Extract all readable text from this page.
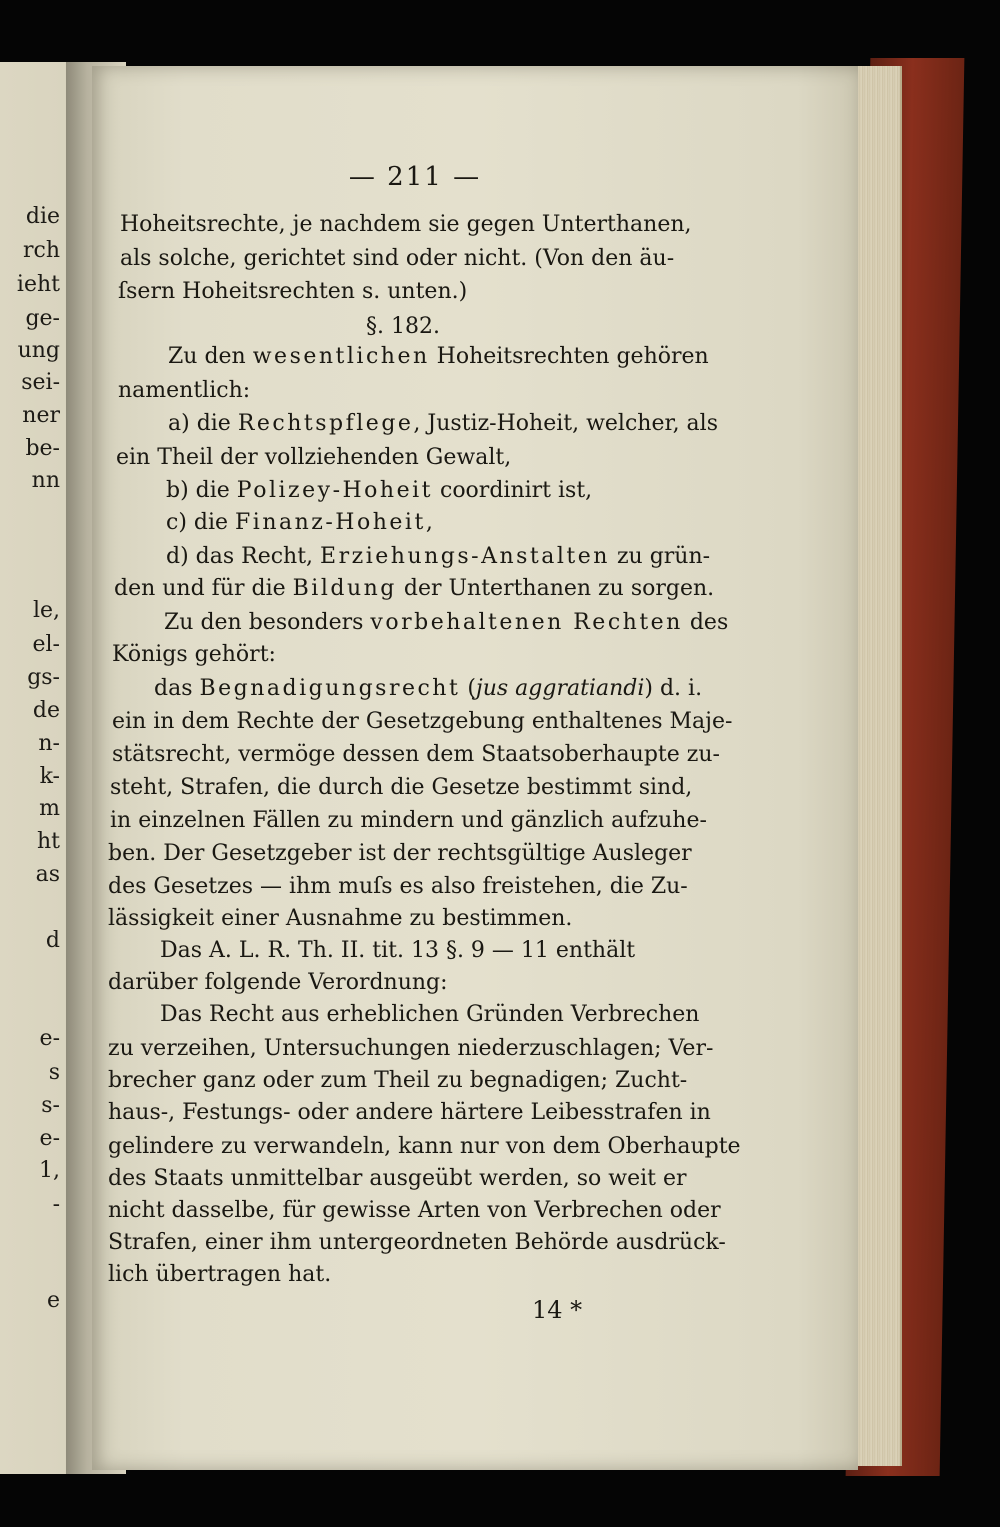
die
rch
ieht
ge-
ung
sei-
ner
be-
nn
le,
el-
gs-
de
n-
k-
m
ht
as
d
e-
s
s-
e-
1,
-
e
— 211 —
Hoheitsrechte, je nachdem sie gegen Unterthanen,
als solche, gerichtet sind oder nicht. (Von den äu-
ſsern Hoheitsrechten s. unten.)
§. 182.
Zu den wesentlichen Hoheitsrechten gehören
namentlich:
a) die Rechtspflege, Justiz-Hoheit, welcher, als
ein Theil der vollziehenden Gewalt,
b) die Polizey-Hoheit coordinirt ist,
c) die Finanz-Hoheit,
d) das Recht, Erziehungs-Anstalten zu grün-
den und für die Bildung der Unterthanen zu sorgen.
Zu den besonders vorbehaltenen Rechten des
Königs gehört:
das Begnadigungsrecht (jus aggratiandi) d. i.
ein in dem Rechte der Gesetzgebung enthaltenes Maje-
stätsrecht, vermöge dessen dem Staatsoberhaupte zu-
steht, Strafen, die durch die Gesetze bestimmt sind,
in einzelnen Fällen zu mindern und gänzlich aufzuhe-
ben. Der Gesetzgeber ist der rechtsgültige Ausleger
des Gesetzes — ihm muſs es also freistehen, die Zu-
lässigkeit einer Ausnahme zu bestimmen.
Das A. L. R. Th. II. tit. 13 §. 9 — 11 enthält
darüber folgende Verordnung:
Das Recht aus erheblichen Gründen Verbrechen
zu verzeihen, Untersuchungen niederzuschlagen; Ver-
brecher ganz oder zum Theil zu begnadigen; Zucht-
haus-, Festungs- oder andere härtere Leibesstrafen in
gelindere zu verwandeln, kann nur von dem Oberhaupte
des Staats unmittelbar ausgeübt werden, so weit er
nicht dasselbe, für gewisse Arten von Verbrechen oder
Strafen, einer ihm untergeordneten Behörde ausdrück-
lich übertragen hat.
14 *
